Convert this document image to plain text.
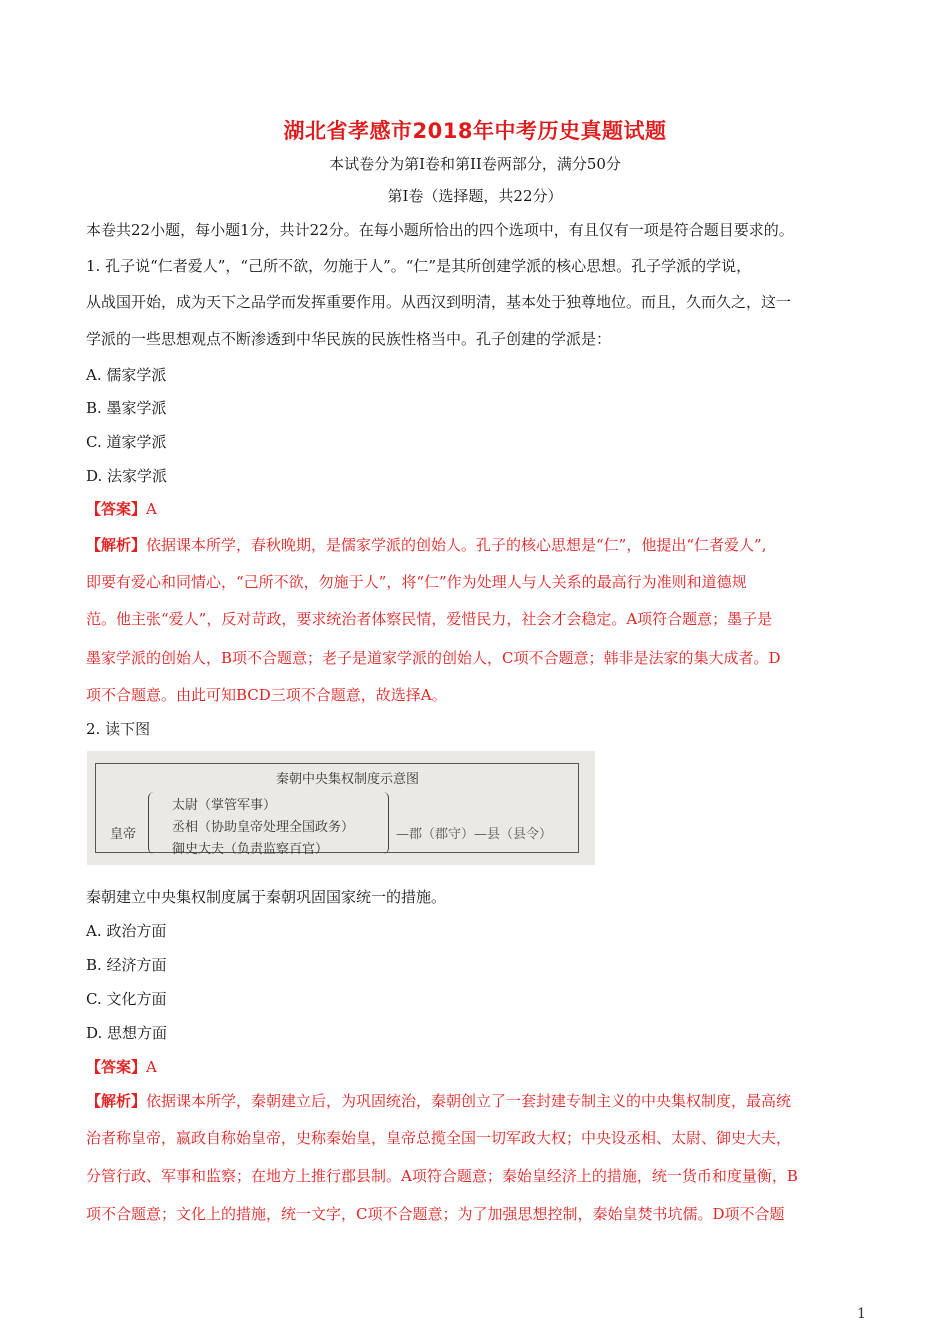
湖北省孝感市2018年中考历史真题试题
本试卷分为第I卷和第II卷两部分，满分50分
第I卷（选择题，共22分）
本卷共22小题，每小题1分，共计22分。在每小题所恰出的四个选项中，有且仅有一项是符合题目要求的。
1. 孔子说“仁者爱人”，“己所不欲，勿施于人”。“仁”是其所创建学派的核心思想。孔子学派的学说，
从战国开始，成为天下之品学而发挥重要作用。从西汉到明清，基本处于独尊地位。而且，久而久之，这一
学派的一些思想观点不断渗透到中华民族的民族性格当中。孔子创建的学派是：
A. 儒家学派
B. 墨家学派
C. 道家学派
D. 法家学派
【答案】A
【解析】依据课本所学，春秋晚期，是儒家学派的创始人。孔子的核心思想是“仁”，他提出“仁者爱人”,
即要有爱心和同情心，“己所不欲，勿施于人”，将“仁”作为处理人与人关系的最高行为准则和道德规
范。他主张“爱人”，反对苛政，要求统治者体察民情，爱惜民力，社会才会稳定。A项符合题意；墨子是
墨家学派的创始人，B项不合题意；老子是道家学派的创始人，C项不合题意；韩非是法家的集大成者。D
项不合题意。由此可知BCD三项不合题意，故选择A。
2. 读下图
秦朝中央集权制度示意图
皇帝
太尉（掌管军事）
丞相（协助皇帝处理全国政务）
御史大夫（负责监察百官）
—郡（郡守）—县（县令）
秦朝建立中央集权制度属于秦朝巩固国家统一的措施。
A. 政治方面
B. 经济方面
C. 文化方面
D. 思想方面
【答案】A
【解析】依据课本所学，秦朝建立后，为巩固统治，秦朝创立了一套封建专制主义的中央集权制度，最高统
治者称皇帝，嬴政自称始皇帝，史称秦始皇，皇帝总揽全国一切军政大权；中央设丞相、太尉、御史大夫，
分管行政、军事和监察；在地方上推行郡县制。A项符合题意；秦始皇经济上的措施，统一货币和度量衡，B
项不合题意；文化上的措施，统一文字，C项不合题意；为了加强思想控制，秦始皇焚书坑儒。D项不合题
1
